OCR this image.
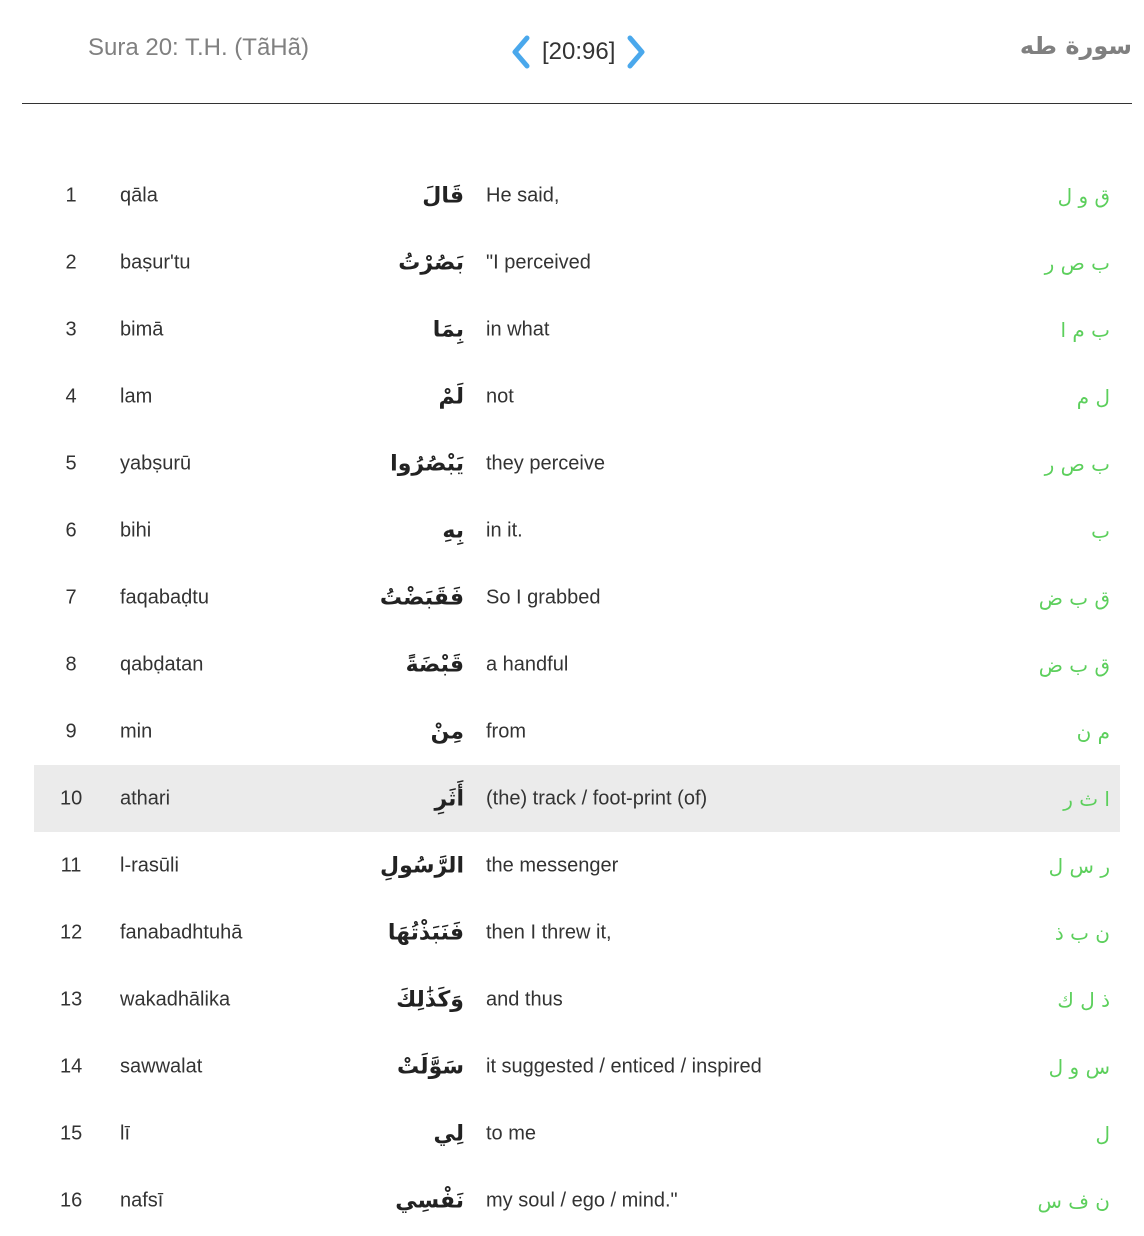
Sura 20: T.H. (TãHã)	[20:96]	سورة طه
1 qāla	قَالَ He said,	ق و ل
2 baṣur'tu	بَصُرْتُ "I perceived	ب ص ر
3 bimā	بِمَا in what	ب م ا
4 lam	لَمْ not	ل م
5 yabṣurū	يَبْصُرُوا they perceive	ب ص ر
6 bihi	بِهِ in it.	ب
7 faqabaḍtu	فَقَبَضْتُ So I grabbed	ق ب ض
8 qabḍatan	قَبْضَةً a handful	ق ب ض
9 min	مِنْ from	م ن
10 athari	أَثَرِ (the) track / foot-print (of)	ا ث ر
11 l-rasūli	الرَّسُولِ the messenger	ر س ل
12 fanabadhtuhā	فَنَبَذْتُهَا then I threw it,	ن ب ذ
13 wakadhālika	وَكَذَٰلِكَ and thus	ذ ل ك
14 sawwalat	سَوَّلَتْ it suggested / enticed / inspired	س و ل
15 lī	لِي to me	ل
16 nafsī	نَفْسِي my soul / ego / mind."	ن ف س
